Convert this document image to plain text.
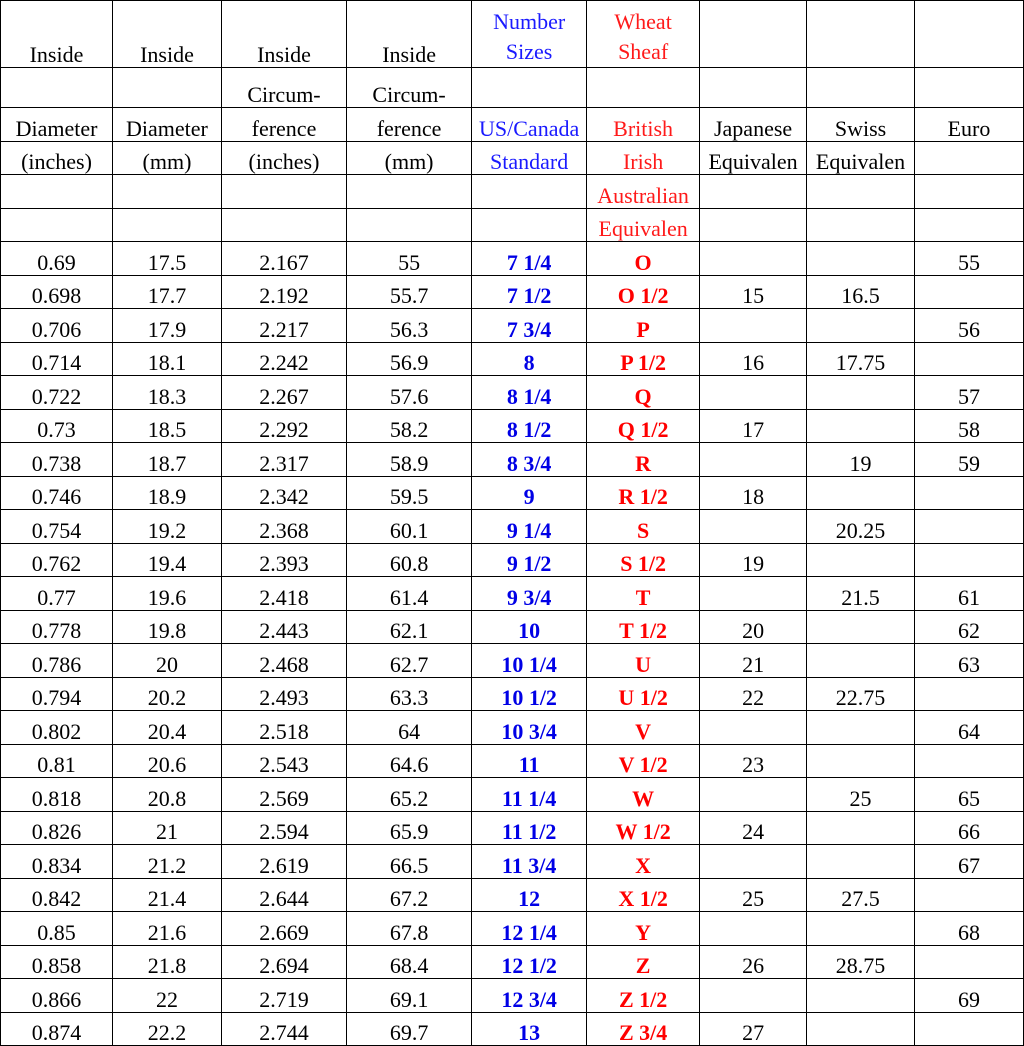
Inside	Inside	Inside	Inside	Number Sizes	Wheat Sheaf			
		Circum-	Circum-					
Diameter	Diameter	ference	ference	US/Canada	British	Japanese	Swiss	Euro
(inches)	(mm)	(inches)	(mm)	Standard	Irish	Equivalen	Equivalen	
					Australian			
					Equivalen			
0.69	17.5	2.167	55	7 1/4	O			55
0.698	17.7	2.192	55.7	7 1/2	O 1/2	15	16.5	
0.706	17.9	2.217	56.3	7 3/4	P			56
0.714	18.1	2.242	56.9	8	P 1/2	16	17.75	
0.722	18.3	2.267	57.6	8 1/4	Q			57
0.73	18.5	2.292	58.2	8 1/2	Q 1/2	17		58
0.738	18.7	2.317	58.9	8 3/4	R		19	59
0.746	18.9	2.342	59.5	9	R 1/2	18		
0.754	19.2	2.368	60.1	9 1/4	S		20.25	
0.762	19.4	2.393	60.8	9 1/2	S 1/2	19		
0.77	19.6	2.418	61.4	9 3/4	T		21.5	61
0.778	19.8	2.443	62.1	10	T 1/2	20		62
0.786	20	2.468	62.7	10 1/4	U	21		63
0.794	20.2	2.493	63.3	10 1/2	U 1/2	22	22.75	
0.802	20.4	2.518	64	10 3/4	V			64
0.81	20.6	2.543	64.6	11	V 1/2	23		
0.818	20.8	2.569	65.2	11 1/4	W		25	65
0.826	21	2.594	65.9	11 1/2	W 1/2	24		66
0.834	21.2	2.619	66.5	11 3/4	X			67
0.842	21.4	2.644	67.2	12	X 1/2	25	27.5	
0.85	21.6	2.669	67.8	12 1/4	Y			68
0.858	21.8	2.694	68.4	12 1/2	Z	26	28.75	
0.866	22	2.719	69.1	12 3/4	Z 1/2			69
0.874	22.2	2.744	69.7	13	Z 3/4	27		
